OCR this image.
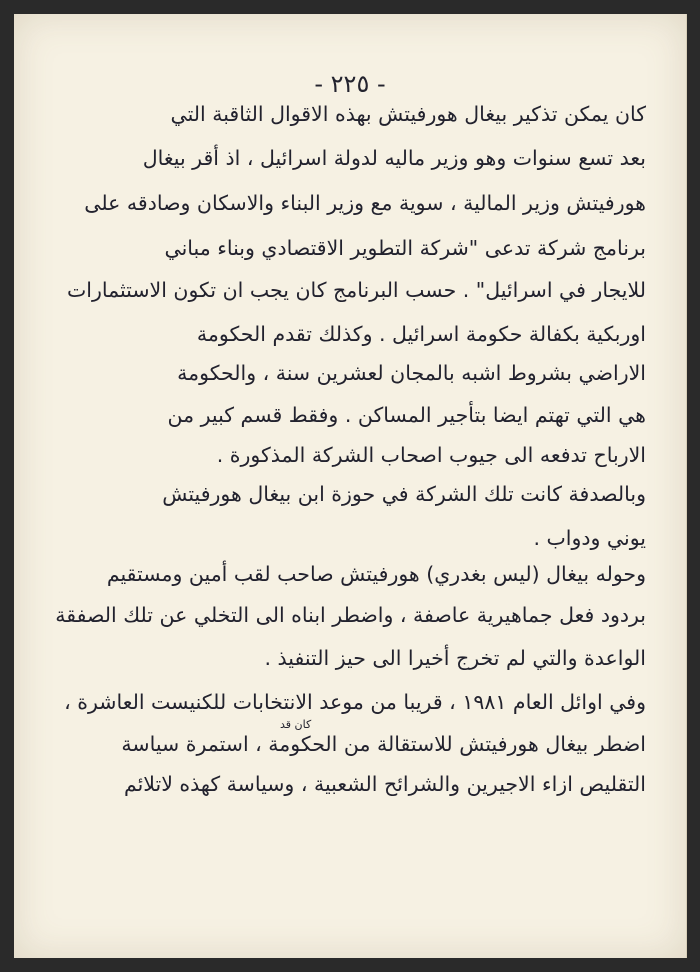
- ٢٢٥ -
كان يمكن تذكير بيغال هورفيتش بهذه الاقوال الثاقبة التي
بعد تسع سنوات وهو وزير ماليه لدولة اسرائيل ، اذ أقر بيغال
هورفيتش وزير المالية ، سوية مع وزير البناء والاسكان وصادقه على
برنامج شركة تدعى "شركة التطوير الاقتصادي وبناء مباني
للايجار في اسرائيل" . حسب البرنامج كان يجب ان تكون الاستثمارات
اوربكية بكفالة حكومة اسرائيل . وكذلك تقدم الحكومة
الاراضي بشروط اشبه بالمجان لعشرين سنة ، والحكومة
هي التي تهتم ايضا بتأجير المساكن . وفقط قسم كبير من
الارباح تدفعه الى جيوب اصحاب الشركة المذكورة .
وبالصدفة كانت تلك الشركة في حوزة ابن بيغال هورفيتش
يوني ودواب .
وحوله بيغال (ليس بغدري) هورفيتش صاحب لقب أمين ومستقيم
بردود فعل جماهيرية عاصفة ، واضطر ابناه الى التخلي عن تلك الصفقة
الواعدة والتي لم تخرج أخيرا الى حيز التنفيذ .
وفي اوائل العام ١٩٨١ ، قريبا من موعد الانتخابات للكنيست العاشرة ،
اضطر بيغال هورفيتش للاستقالة من الحكومة ، استمرة سياسة
التقليص ازاء الاجيرين والشرائح الشعبية ، وسياسة كهذه لاتلائم
كان قد
